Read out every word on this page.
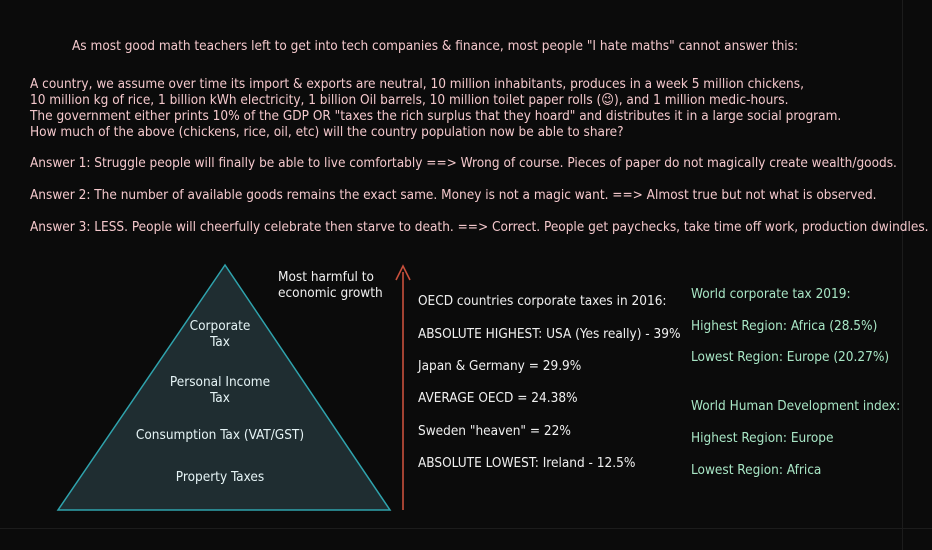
As most good math teachers left to get into tech companies & finance, most people "I hate maths" cannot answer this:
A country, we assume over time its import & exports are neutral, 10 million inhabitants, produces in a week 5 million chickens,
10 million kg of rice, 1 billion kWh electricity, 1 billion Oil barrels, 10 million toilet paper rolls (😉), and 1 million medic-hours.
The government either prints 10% of the GDP OR "taxes the rich surplus that they hoard" and distributes it in a large social program.
How much of the above (chickens, rice, oil, etc) will the country population now be able to share?
Answer 1: Struggle people will finally be able to live comfortably ==> Wrong of course. Pieces of paper do not magically create wealth/goods.
Answer 2: The number of available goods remains the exact same. Money is not a magic want. ==> Almost true but not what is observed.
Answer 3: LESS. People will cheerfully celebrate then starve to death. ==> Correct. People get paychecks, take time off work, production dwindles.
Corporate
Tax
Personal Income
Tax
Consumption Tax (VAT/GST)
Property Taxes
Most harmful to
economic growth	OECD countries corporate taxes in 2016:
ABSOLUTE HIGHEST: USA (Yes really) - 39%
Japan & Germany = 29.9%
AVERAGE OECD = 24.38%
Sweden "heaven" = 22%
ABSOLUTE LOWEST: Ireland - 12.5%
World corporate tax 2019:
Highest Region: Africa (28.5%)
Lowest Region: Europe (20.27%)
World Human Development index:
Highest Region: Europe
Lowest Region: Africa
